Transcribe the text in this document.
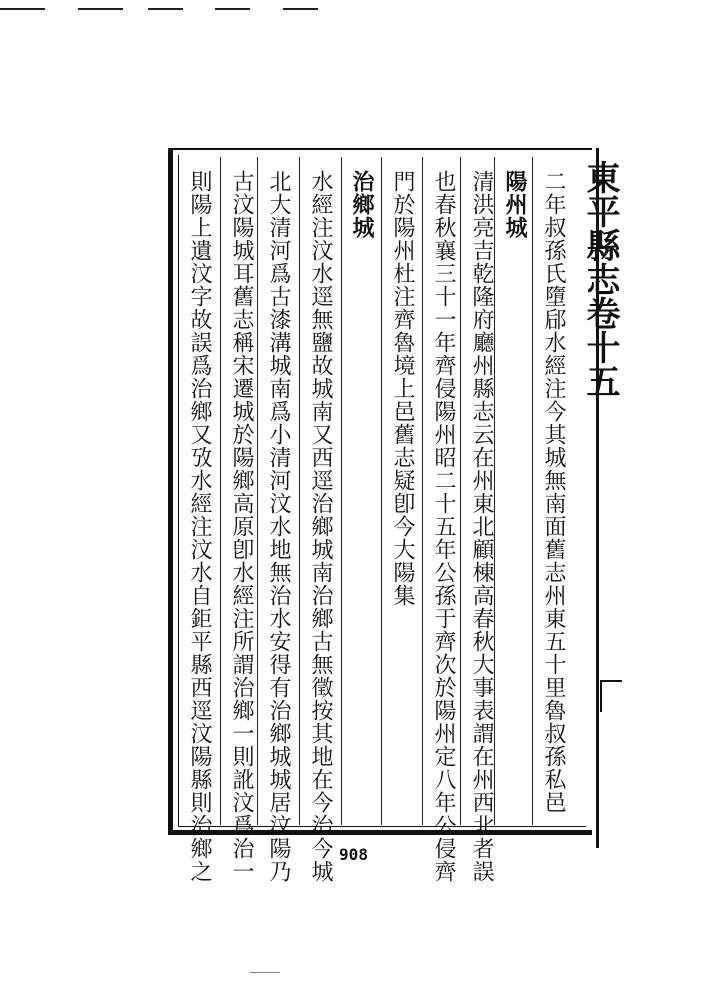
東平縣志卷十五
二年叔孫氏墮郈水經注今其城無南面舊志州東五十里魯叔孫私邑
陽州城
清洪亮吉乾隆府廳州縣志云在州東北顧棟高春秋大事表謂在州西北者誤
也春秋襄三十一年齊侵陽州昭二十五年公孫于齊次於陽州定八年公侵齊
門於陽州杜注齊魯境上邑舊志疑卽今大陽集
治鄉城
水經注汶水逕無鹽故城南又西逕治鄉城南治鄉古無徵按其地在今治今城
北大清河爲古漆溝城南爲小清河汶水地無治水安得有治鄉城城居汶陽乃
古汶陽城耳舊志稱宋遷城於陽鄉高原卽水經注所謂治鄉一則訛汶爲治一
則陽上遺汶字故誤爲治鄉又攷水經注汶水自鉅平縣西逕汶陽縣則治鄉之	908
